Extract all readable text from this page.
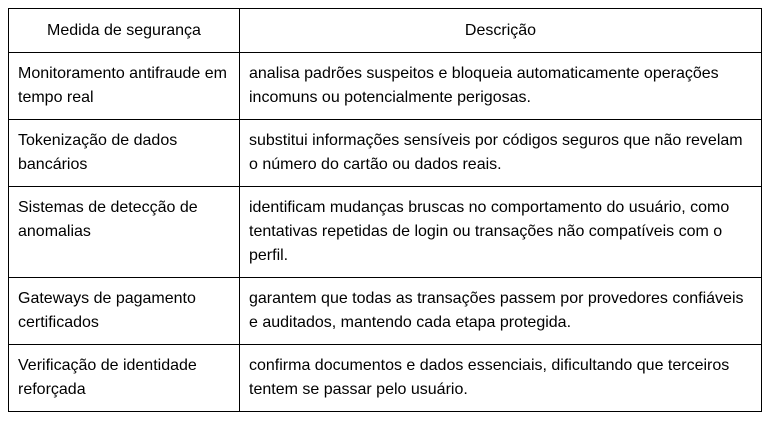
Medida de segurança	Descrição
Monitoramento antifraude em tempo real	analisa padrões suspeitos e bloqueia automaticamente operações incomuns ou potencialmente perigosas.
Tokenização de dados bancários	substitui informações sensíveis por códigos seguros que não revelam o número do cartão ou dados reais.
Sistemas de detecção de anomalias	identificam mudanças bruscas no comportamento do usuário, como tentativas repetidas de login ou transações não compatíveis com o perfil.
Gateways de pagamento certificados	garantem que todas as transações passem por provedores confiáveis e auditados, mantendo cada etapa protegida.
Verificação de identidade reforçada	confirma documentos e dados essenciais, dificultando que terceiros tentem se passar pelo usuário.
